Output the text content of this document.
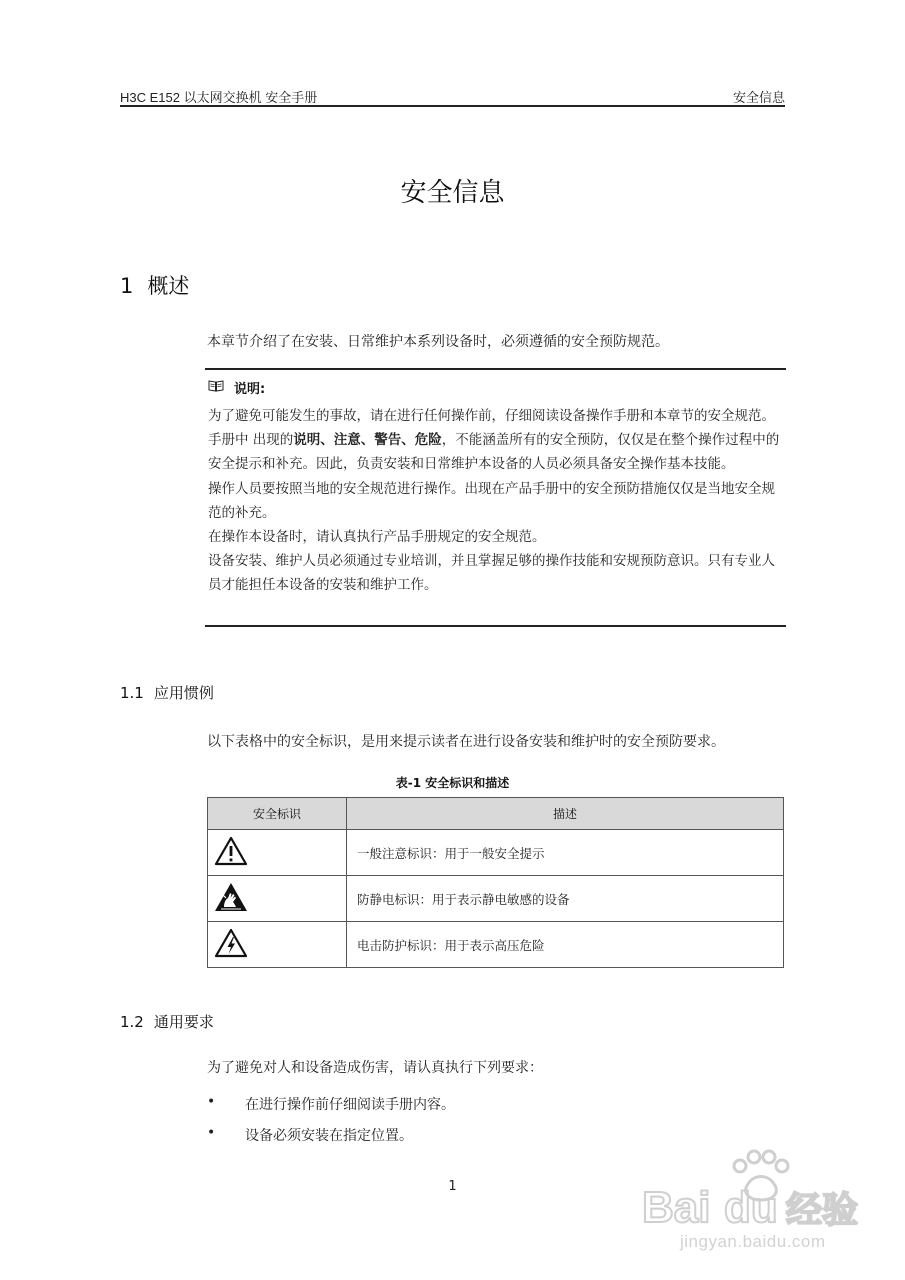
H3C E152 以太网交换机 安全手册	安全信息
安全信息
1 概述
本章节介绍了在安装、日常维护本系列设备时，必须遵循的安全预防规范。
说明:

为了避免可能发生的事故，请在进行任何操作前，仔细阅读设备操作手册和本章节的安全规范。手册中 出现的说明、注意、警告、危险，不能涵盖所有的安全预防，仅仅是在整个操作过程中的安全提示和补充。因此，负责安装和日常维护本设备的人员必须具备安全操作基本技能。

操作人员要按照当地的安全规范进行操作。出现在产品手册中的安全预防措施仅仅是当地安全规范的补充。

在操作本设备时，请认真执行产品手册规定的安全规范。

设备安装、维护人员必须通过专业培训，并且掌握足够的操作技能和安规预防意识。只有专业人员才能担任本设备的安装和维护工作。

1.1 应用惯例
以下表格中的安全标识，是用来提示读者在进行设备安装和维护时的安全预防要求。
表-1 安全标识和描述
安全标识	描述
	一般注意标识：用于一般安全提示
	防静电标识：用于表示静电敏感的设备
	电击防护标识：用于表示高压危险
1.2 通用要求
为了避免对人和设备造成伤害，请认真执行下列要求：
•	在进行操作前仔细阅读手册内容。
•	设备必须安装在指定位置。
1	Bai du 经验
jingyan.baidu.com
